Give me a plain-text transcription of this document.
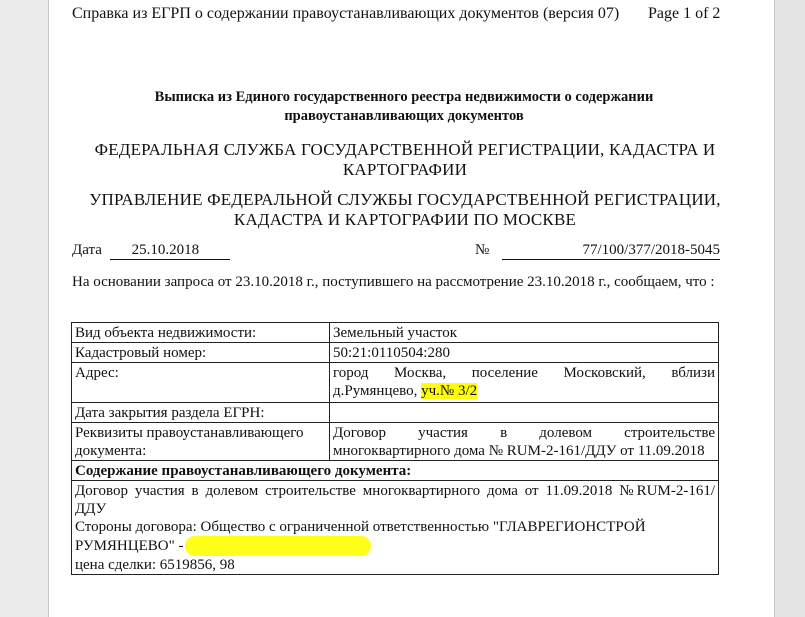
Справка из ЕГРП о содержании правоустанавливающих документов (версия 07) Page 1 of 2
Выписка из Единого государственного реестра недвижимости о содержании правоустанавливающих документов
ФЕДЕРАЛЬНАЯ СЛУЖБА ГОСУДАРСТВЕННОЙ РЕГИСТРАЦИИ, КАДАСТРА И КАРТОГРАФИИ
УПРАВЛЕНИЕ ФЕДЕРАЛЬНОЙ СЛУЖБЫ ГОСУДАРСТВЕННОЙ РЕГИСТРАЦИИ, КАДАСТРА И КАРТОГРАФИИ ПО МОСКВЕ
Дата 25.10.2018	№	77/100/377/2018-5045
На основании запроса от 23.10.2018 г., поступившего на рассмотрение 23.10.2018 г., сообщаем, что :
Вид объекта недвижимости:	Земельный участок
Кадастровый номер:	50:21:0110504:280
Адрес:	город Москва, поселение Московский, вблизи д.Румянцево, уч.№ 3/2

Дата закрытия раздела ЕГРН:	
Реквизиты правоустанавливающего документа:	Договор участия в долевом строительстве многоквартирного дома № RUM-2-161/ДДУ от 11.09.2018

Содержание правоустанавливающего документа:	

Договор участия в долевом строительстве многоквартирного дома от 11.09.2018 №RUM-2-161/ДДУ
Стороны договора: Общество с ограниченной ответственностью "ГЛАВРЕГИОНСТРОЙ РУМЯНЦЕВО" -
цена сделки: 6519856, 98	
